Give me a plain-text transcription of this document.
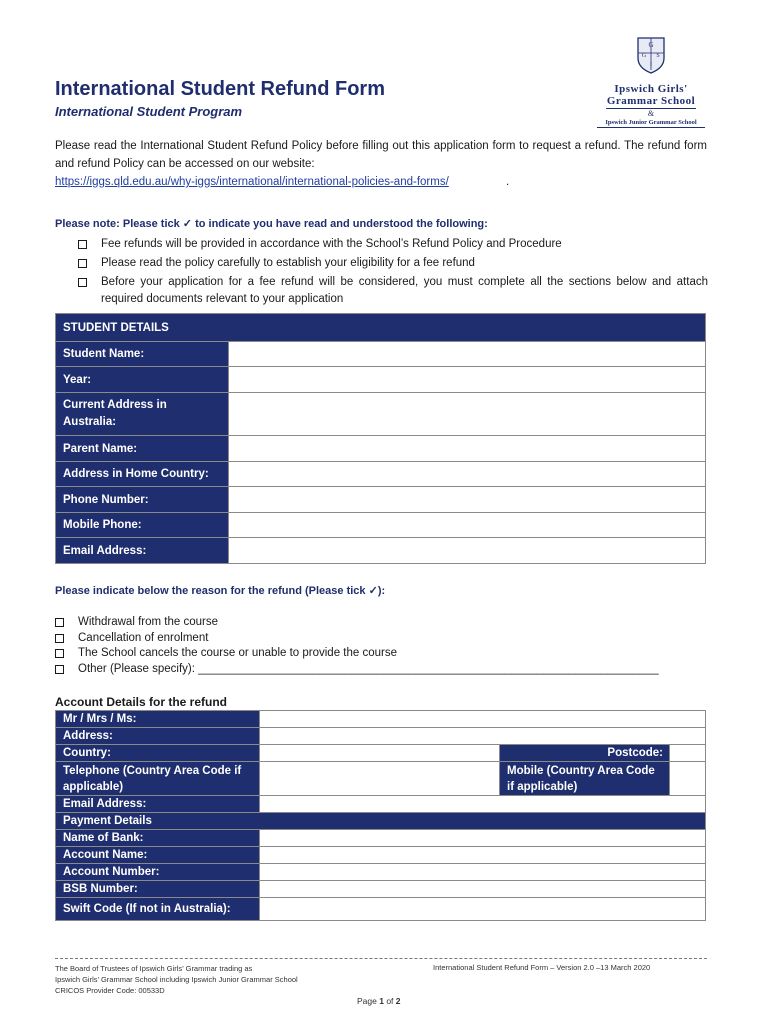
International Student Refund Form
International Student Program
G
G S
I
Ipswich Girls'
Grammar School
&
Ipswich Junior Grammar School
Please read the International Student Refund Policy before filling out this application form to request a refund. The refund form and refund Policy can be accessed on our website:
https://iggs.qld.edu.au/why-iggs/international/international-policies-and-forms/	.
Please note: Please tick ✓ to indicate you have read and understood the following:
Fee refunds will be provided in accordance with the School’s Refund Policy and Procedure
Please read the policy carefully to establish your eligibility for a fee refund
Before your application for a fee refund will be considered, you must complete all the sections below and attach required documents relevant to your application
STUDENT DETAILS	
Student Name:	
Year:	
Current Address in Australia:	
Parent Name:	
Address in Home Country:	
Phone Number:	
Mobile Phone:	
Email Address:	
Please indicate below the reason for the refund (Please tick ✓):
Withdrawal from the course
Cancellation of enrolment
The School cancels the course or unable to provide the course
Other (Please specify): ________________________________________________________________________
Account Details for the refund
Mr / Mrs / Ms:			
Address:			
Country:		Postcode:	
Telephone (Country Area Code if applicable)		Mobile (Country Area Code if applicable)	
Email Address:			
Payment Details			
Name of Bank:			
Account Name:			
Account Number:			
BSB Number:			
Swift Code (If not in Australia):			
The Board of Trustees of Ipswich Girls’ Grammar trading as
Ipswich Girls’ Grammar School including Ipswich Junior Grammar School
CRICOS Provider Code: 00533D
International Student Refund Form – Version 2.0 –13 March 2020
Page 1 of 2
